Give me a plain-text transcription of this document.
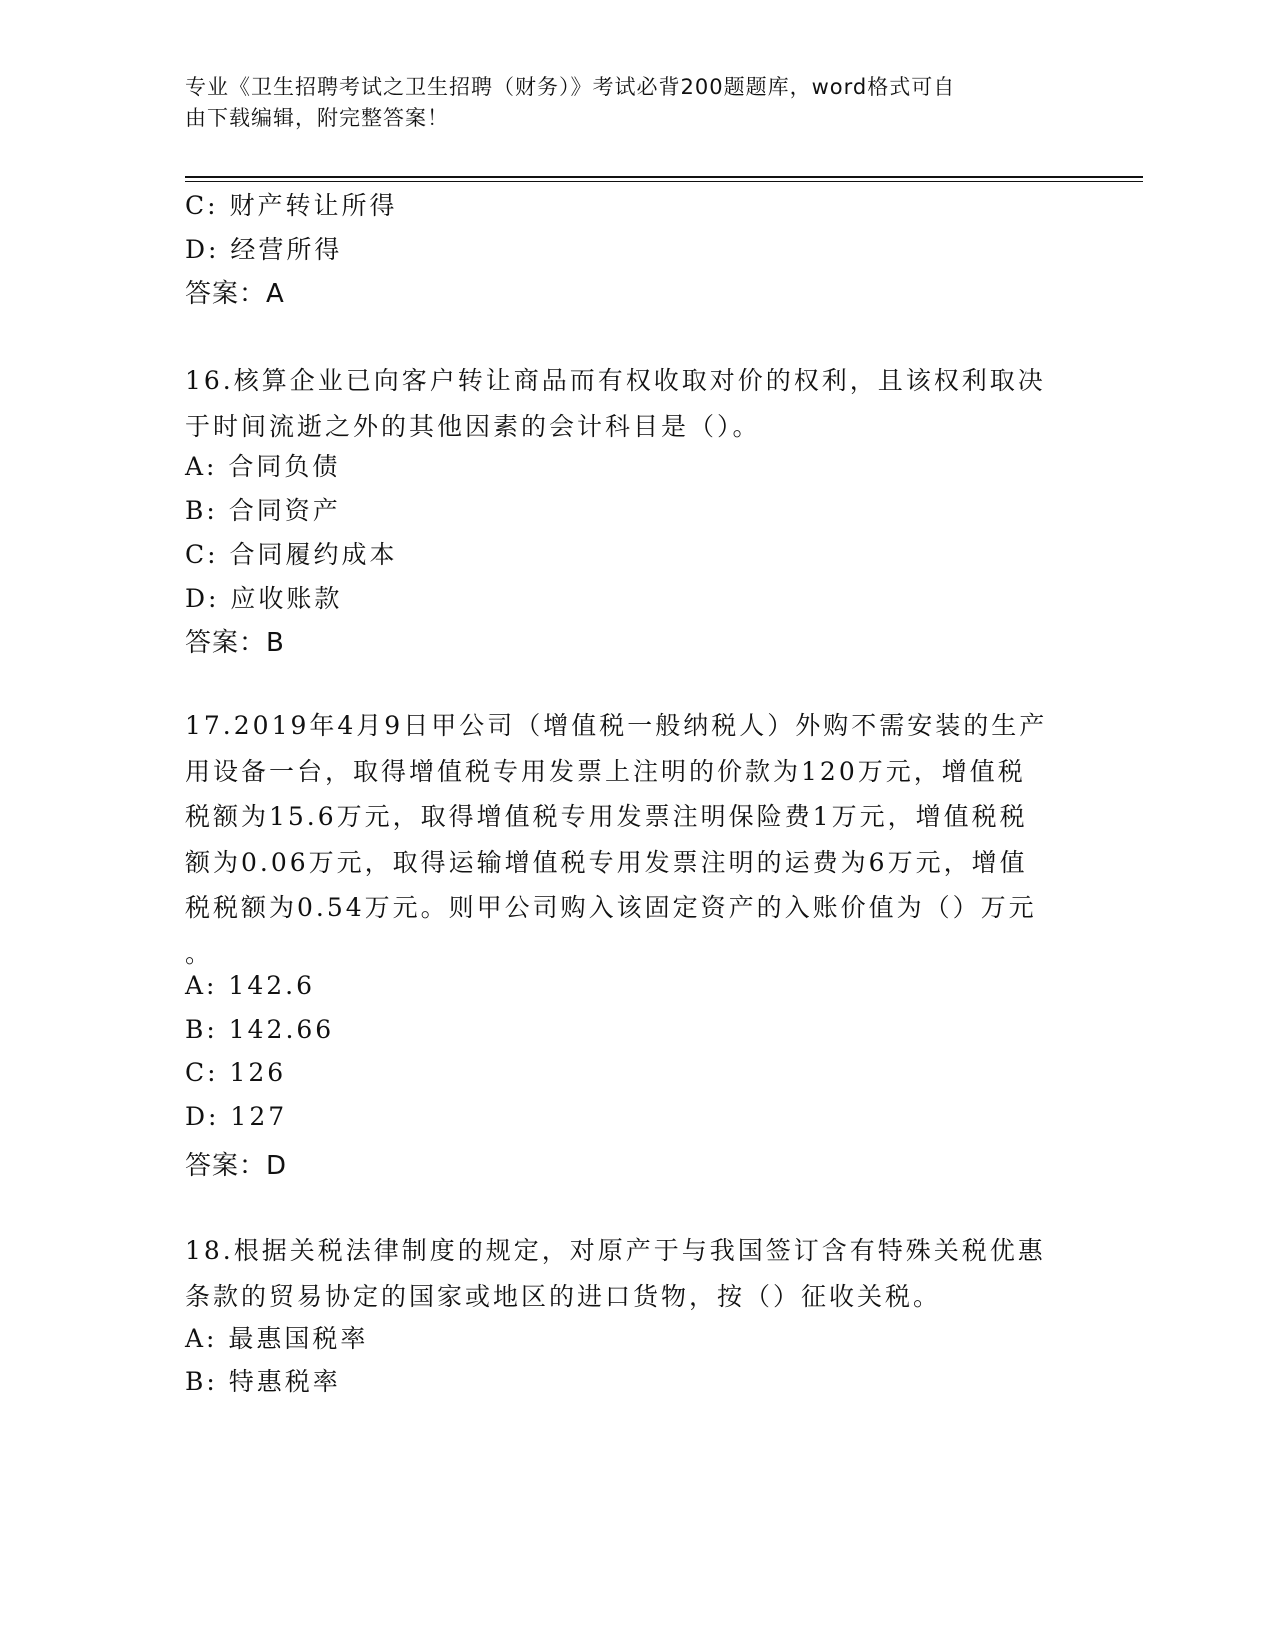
专业《卫生招聘考试之卫生招聘（财务）》考试必背200题题库，word格式可自
由下载编辑，附完整答案！
C: 财产转让所得
D: 经营所得
答案：A
16.核算企业已向客户转让商品而有权收取对价的权利，且该权利取决
于时间流逝之外的其他因素的会计科目是（）。
A: 合同负债
B: 合同资产
C: 合同履约成本
D: 应收账款
答案：B
17.2019年4月9日甲公司（增值税一般纳税人）外购不需安装的生产
用设备一台，取得增值税专用发票上注明的价款为120万元，增值税
税额为15.6万元，取得增值税专用发票注明保险费1万元，增值税税
额为0.06万元，取得运输增值税专用发票注明的运费为6万元，增值
税税额为0.54万元。则甲公司购入该固定资产的入账价值为（）万元
。
A: 142.6
B: 142.66
C: 126
D: 127
答案：D
18.根据关税法律制度的规定，对原产于与我国签订含有特殊关税优惠
条款的贸易协定的国家或地区的进口货物，按（）征收关税。
A: 最惠国税率
B: 特惠税率
